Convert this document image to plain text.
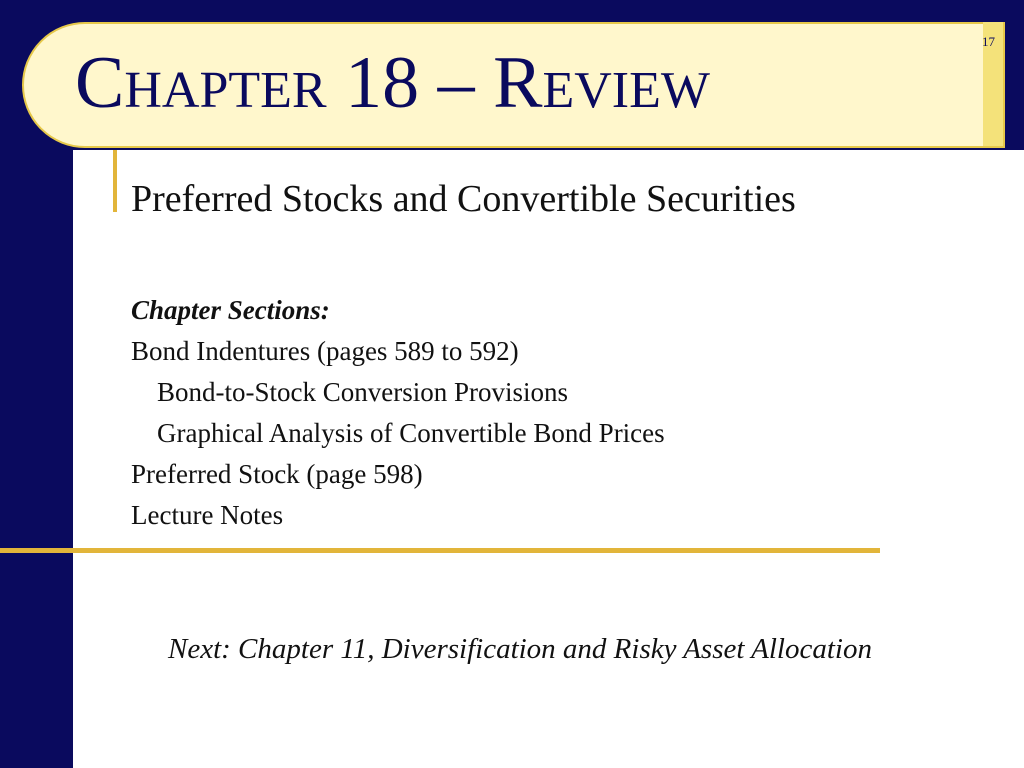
Chapter 18 – Review
17
Preferred Stocks and Convertible Securities
Chapter Sections:
Bond Indentures (pages 589 to 592)
Bond-to-Stock Conversion Provisions
Graphical Analysis of Convertible Bond Prices
Preferred Stock (page 598)
Lecture Notes
Next: Chapter 11, Diversification and Risky Asset Allocation
